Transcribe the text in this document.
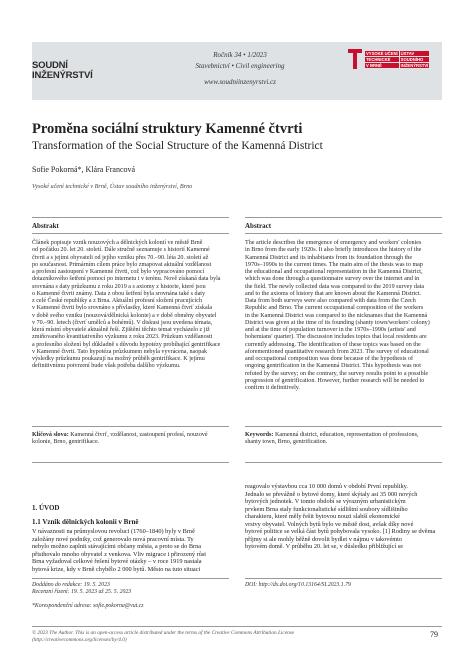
SOUDNÍ
INŽENÝRSTVÍ
Ročník 34 • 1/2023
Stavebnictví • Civil engineering
www.soudniinzenyrstvi.cz
VYSOKÉ UČENÍ ÚSTAV
TECHNICKÉ	SOUDNÍHO
V BRNĚ	INŽENÝRSTVÍ
Proměna sociální struktury Kamenné čtvrti
Transformation of the Social Structure of the Kamenná District
Sofie Pokorná*, Klára Francová
Vysoké učení technické v Brně, Ústav soudního inženýrství, Brno
Abstrakt	Abstract
Článek popisuje vznik nouzových a dělnických kolonií ve městě Brně
od počátku 20. let 20. století. Dále stručně seznamuje s historií Kamenné
čtvrti a s jejími obyvateli od jejího vzniku přes 70.–90. léta 20. století až
po současnost. Primárním cílem práce bylo zmapovat aktuální vzdělanost
a profesní zastoupení v Kamenné čtvrti, což bylo vypracováno pomocí
dotazníkového šetření pomocí po internetu i v terénu. Nově získaná data byla
srovnána s daty průzkumu z roku 2019 a s axiomy z historie, které jsou
o Kamenné čtvrti známy. Data z obou šetření byla srovnána také s daty
z celé České republiky a z Brna. Aktuální profesní složení pracujících
v Kamenné čtvrti bylo srovnáno s přívlastky, které Kamenná čtvrť získala
v době svého vzniku (nouzová/dělnická kolonie) a v době obměny obyvatel
v 70.–90. letech (čtvrť umělců a bohémů). V diskusi jsou uvedena témata,
která místní obyvatelé aktuálně řeší. Zjištění těchto témat vycházelo z již
zmiňovaného kvantitativního výzkumu z roku 2023. Průzkum vzdělanosti
a profesního složení byl důkladně s důvodu hypotézy probíhající gentrifikace
v Kamenné čtvrti. Tato hypotéza průzkumem nebyla vyvrácena, naopak
výsledky průzkumu poukazují na možný průběh gentrifikace. K jejímu
definitivnímu potvrzení bude však potřeba dalšího výzkumu.
The article describes the emergence of emergency and workers' colonies
in Brno from the early 1920s. It also briefly introduces the history of the
Kamenná District and its inhabitants from its foundation through the
1970s–1990s to the current times. The main aim of the thesis was to map
the educational and occupational representation in the Kamenná District,
which was done through a questionnaire survey over the internet and in
the field. The newly collected data was compared to the 2019 survey data
and to the axioms of history that are known about the Kamenná District.
Data from both surveys were also compared with data from the Czech
Republic and Brno. The current occupational composition of the workers
in the Kamenná District was compared to the nicknames that the Kamenná
District was given at the time of its founding (shanty town/workers' colony)
and at the time of population turnover in the 1970s–1990s (artists' and
bohemians' quarter). The discussion includes topics that local residents are
currently addressing. The identification of these topics was based on the
aforementioned quantitative research from 2023. The survey of educational
and occupational composition was done because of the hypothesis of
ongoing gentrification in the Kamenná District. This hypothesis was not
refuted by the survey; on the contrary, the survey results point to a possible
progression of gentrification. However, further research will be needed to
confirm it definitively.
Klíčová slova: Kamenná čtvrť, vzdělanost, zastoupení profesí, nouzové
kolonie, Brno, gentrifikace.
Keywords: Kamenná district, education, representation of professions,
shanty town, Brno, gentrification.
1. ÚVOD
1.1 Vznik dělnických kolonií v Brně
V návaznosti na průmyslovou revoluci (1760–1840) byly v Brně
založány nové podniky, což generovalo nová pracovní místa. Ty
nebylo možno zaplnit stávajícími občany města, a proto se do Brna
přisthovalo mnoho obyvatel z venkova. Vliv migrace i přirozený růst
Brna vyžadoval celkové řešení bytové otázky – v roce 1919 nastala
bytová krize, kdy v Brně chybělo 2 000 bytů. Město na tuto situaci
reagovalo výstavbou cca 10 000 domů v období První republiky.
Jednalo se převážně o bytové domy, které skýtaly asi 35 000 nových
bytových jednotek. V tomto období se výrazným urbanistickým
prvkem Brna staly funkcionalistické sídlištní soubory sídlištního
charakteru, které měly řešit bytovou nouzi slabší ekonomické
vrstvy obyvatel. Volných bytů bylo ve městě dost, avšak díky nové
bytové politice se velká část bytů pohybovala vysoko. [1] Rodiny se dvěma
příjmy si ale mohly běžně dovolit bydlet v nájmu v takovémto
bytovém domě. V průběhu 20. let se, v důsledku přibližující se
Doddáno do redakce: 19. 5. 2023
Recenzní řízení: 19. 5. 2023 až 25. 5. 2023
*Korespondenční adresa: sofie.pokorna@vut.cz
DOI: http://dx.doi.org/10.13164/SI.2023.1.79
© 2023 The Author. This is an open-access article distributed under the terms of the Creative Commons Attribution License
(http://creativecommons.org/licenses/by/4.0)
79
